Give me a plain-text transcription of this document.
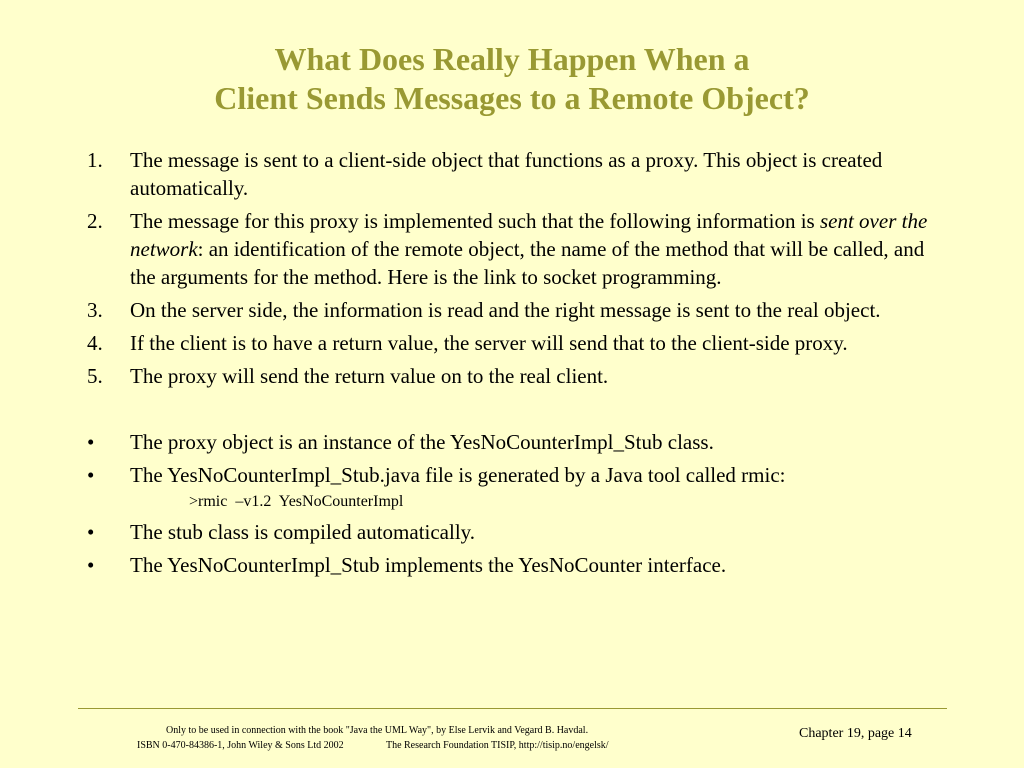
What Does Really Happen When a
Client Sends Messages to a Remote Object?
1. The message is sent to a client-side object that functions as a proxy. This object is created automatically.
2. The message for this proxy is implemented such that the following information is sent over the network: an identification of the remote object, the name of the method that will be called, and the arguments for the method. Here is the link to socket programming.
3. On the server side, the information is read and the right message is sent to the real object.
4. If the client is to have a return value, the server will send that to the client-side proxy.
5. The proxy will send the return value on to the real client.
• The proxy object is an instance of the YesNoCounterImpl_Stub class.
• The YesNoCounterImpl_Stub.java file is generated by a Java tool called rmic:
>rmic  –v1.2  YesNoCounterImpl
• The stub class is compiled automatically.
• The YesNoCounterImpl_Stub implements the YesNoCounter interface.
Only to be used in connection with the book "Java the UML Way", by Else Lervik and Vegard B. Havdal.
ISBN 0-470-84386-1, John Wiley & Sons Ltd 2002                 The Research Foundation TISIP, http://tisip.no/engelsk/
Chapter 19, page 14
